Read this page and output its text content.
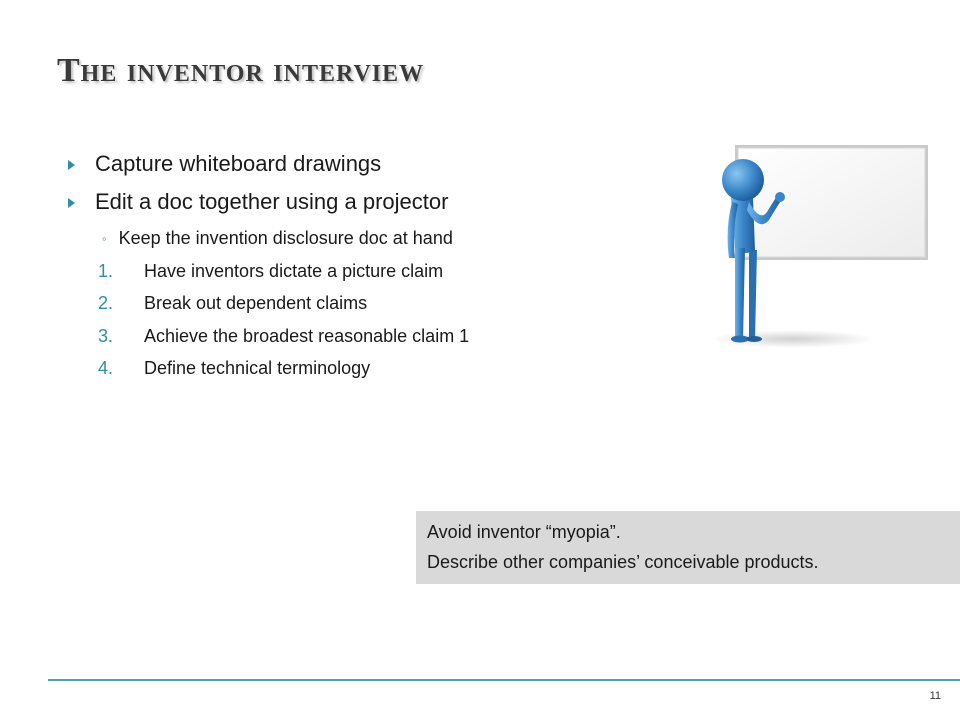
The inventor interview
Capture whiteboard drawings
Edit a doc together using a projector
◦ Keep the invention disclosure doc at hand
1. Have inventors dictate a picture claim
2. Break out dependent claims
3. Achieve the broadest reasonable claim 1
4. Define technical terminology
Avoid inventor “myopia”.
Describe other companies’ conceivable products.
11
